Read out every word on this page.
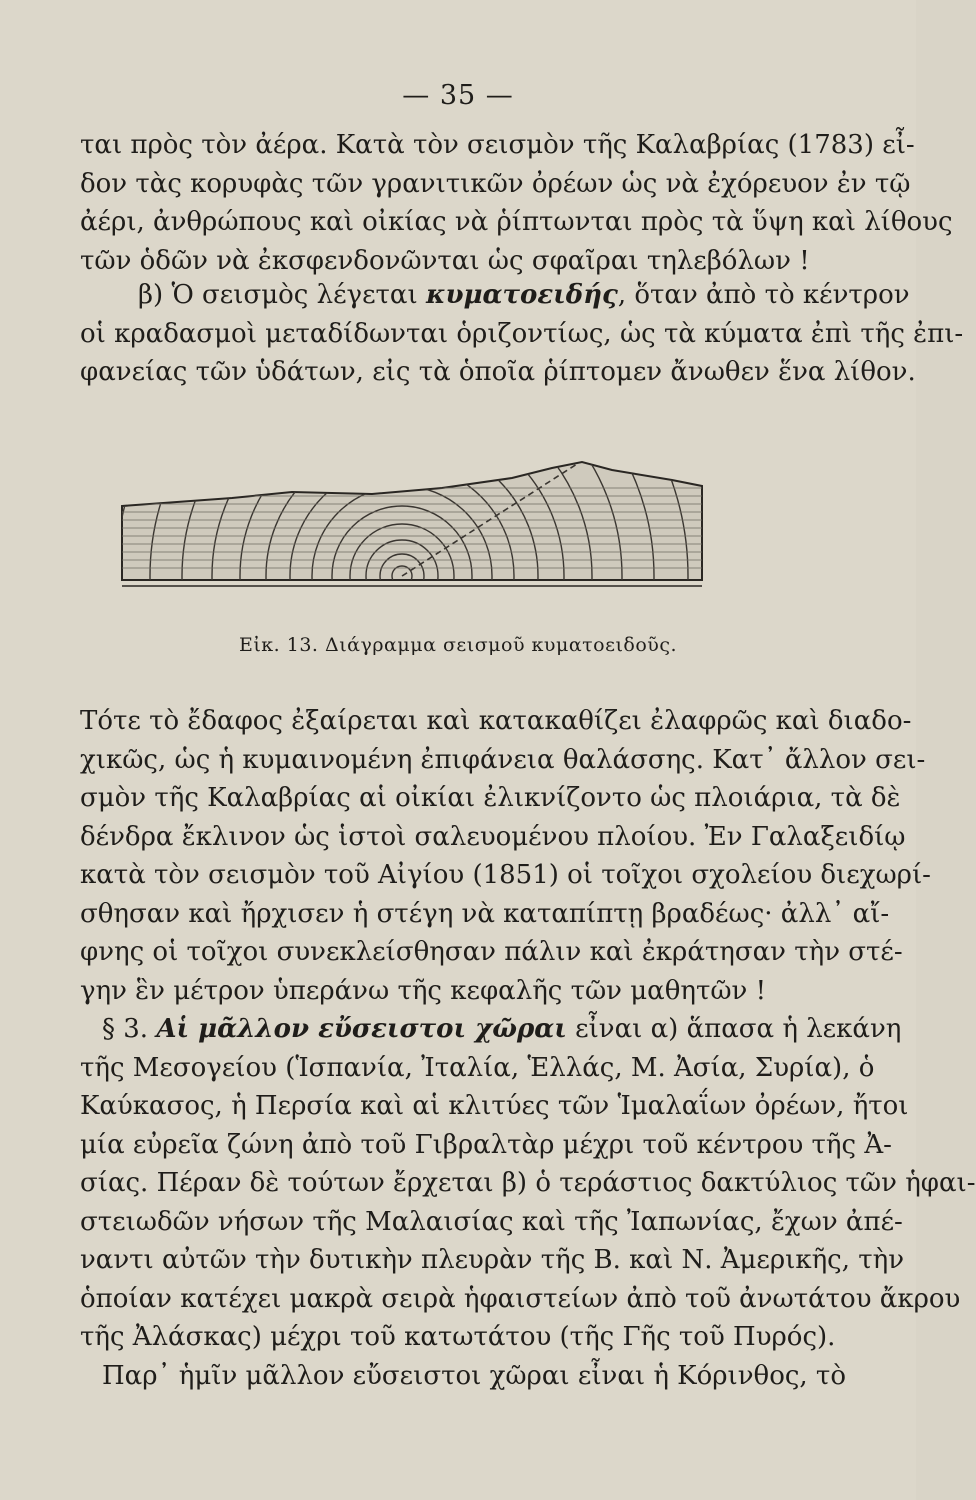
— 35 —
ται πρὸς τὸν ἀέρα. Κατὰ τὸν σεισμὸν τῆς Καλαβρίας (1783) εἶ-
δον τὰς κορυφὰς τῶν γρανιτικῶν ὀρέων ὡς νὰ ἐχόρευον ἐν τῷ
ἀέρι, ἀνθρώπους καὶ οἰκίας νὰ ῥίπτωνται πρὸς τὰ ὕψη καὶ λίθους
τῶν ὁδῶν νὰ ἐκσφενδονῶνται ὡς σφαῖραι τηλεβόλων !
β) Ὁ σεισμὸς λέγεται κυματοειδής, ὅταν ἀπὸ τὸ κέντρον
οἱ κραδασμοὶ μεταδίδωνται ὁριζοντίως, ὡς τὰ κύματα ἐπὶ τῆς ἐπι-
φανείας τῶν ὑδάτων, εἰς τὰ ὁποῖα ῥίπτομεν ἄνωθεν ἕνα λίθον.
Εἰκ. 13. Διάγραμμα σεισμοῦ κυματοειδοῦς.
Τότε τὸ ἔδαφος ἐξαίρεται καὶ κατακαθίζει ἐλαφρῶς καὶ διαδο-
χικῶς, ὡς ἡ κυμαινομένη ἐπιφάνεια θαλάσσης. Κατ᾽ ἄλλον σει-
σμὸν τῆς Καλαβρίας αἱ οἰκίαι ἐλικνίζοντο ὡς πλοιάρια, τὰ δὲ
δένδρα ἔκλινον ὡς ἱστοὶ σαλευομένου πλοίου. Ἐν Γαλαξειδίῳ
κατὰ τὸν σεισμὸν τοῦ Αἰγίου (1851) οἱ τοῖχοι σχολείου διεχωρί-
σθησαν καὶ ἤρχισεν ἡ στέγη νὰ καταπίπτῃ βραδέως· ἀλλ᾽ αἴ-
φνης οἱ τοῖχοι συνεκλείσθησαν πάλιν καὶ ἐκράτησαν τὴν στέ-
γην ἓν μέτρον ὑπεράνω τῆς κεφαλῆς τῶν μαθητῶν !
§ 3. Αἱ μᾶλλον εὔσειστοι χῶραι εἶναι α) ἅπασα ἡ λεκάνη
τῆς Μεσογείου (Ἱσπανία, Ἰταλία, Ἑλλάς, Μ. Ἀσία, Συρία), ὁ
Καύκασος, ἡ Περσία καὶ αἱ κλιτύες τῶν Ἱμαλαΐων ὀρέων, ἤτοι
μία εὐρεῖα ζώνη ἀπὸ τοῦ Γιβραλτὰρ μέχρι τοῦ κέντρου τῆς Ἀ-
σίας. Πέραν δὲ τούτων ἔρχεται β) ὁ τεράστιος δακτύλιος τῶν ἡφαι-
στειωδῶν νήσων τῆς Μαλαισίας καὶ τῆς Ἰαπωνίας, ἔχων ἀπέ-
ναντι αὐτῶν τὴν δυτικὴν πλευρὰν τῆς Β. καὶ Ν. Ἀμερικῆς, τὴν
ὁποίαν κατέχει μακρὰ σειρὰ ἡφαιστείων ἀπὸ τοῦ ἀνωτάτου ἄκρου
τῆς Ἀλάσκας) μέχρι τοῦ κατωτάτου (τῆς Γῆς τοῦ Πυρός).
Παρ᾽ ἡμῖν μᾶλλον εὔσειστοι χῶραι εἶναι ἡ Κόρινθος, τὸ
